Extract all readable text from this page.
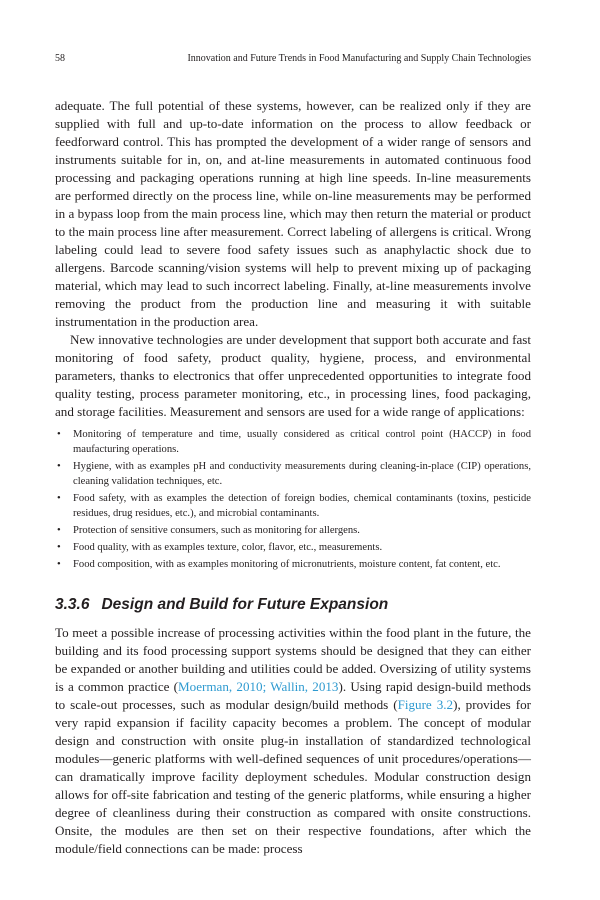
58	Innovation and Future Trends in Food Manufacturing and Supply Chain Technologies

adequate. The full potential of these systems, however, can be realized only if they are supplied with full and up-to-date information on the process to allow feedback or feedforward control. This has prompted the development of a wider range of sensors and instruments suitable for in, on, and at-line measurements in automated continuous food processing and packaging operations running at high line speeds. In-line measurements are performed directly on the process line, while on-line measurements may be performed in a bypass loop from the main process line, which may then return the material or product to the main process line after measurement. Correct labeling of allergens is critical. Wrong labeling could lead to severe food safety issues such as anaphylactic shock due to allergens. Barcode scanning/vision systems will help to prevent mixing up of packaging material, which may lead to such incorrect labeling. Finally, at-line measurements involve removing the product from the production line and measuring it with suitable instrumentation in the production area.

New innovative technologies are under development that support both accurate and fast monitoring of food safety, product quality, hygiene, process, and environmental parameters, thanks to electronics that offer unprecedented opportunities to integrate food quality testing, process parameter monitoring, etc., in processing lines, food packaging, and storage facilities. Measurement and sensors are used for a wide range of applications:

• Monitoring of temperature and time, usually considered as critical control point (HACCP) in food maufacturing operations.
• Hygiene, with as examples pH and conductivity measurements during cleaning-in-place (CIP) operations, cleaning validation techniques, etc.
• Food safety, with as examples the detection of foreign bodies, chemical contaminants (toxins, pesticide residues, drug residues, etc.), and microbial contaminants.
• Protection of sensitive consumers, such as monitoring for allergens.
• Food quality, with as examples texture, color, flavor, etc., measurements.
• Food composition, with as examples monitoring of micronutrients, moisture content, fat content, etc.
3.3.6 Design and Build for Future Expansion

To meet a possible increase of processing activities within the food plant in the future, the building and its food processing support systems should be designed that they can either be expanded or another building and utilities could be added. Oversizing of utility systems is a common practice (Moerman, 2010; Wallin, 2013). Using rapid design-build methods to scale-out processes, such as modular design/build methods (Figure 3.2), provides for very rapid expansion if facility capacity becomes a problem. The concept of modular design and construction with onsite plug-in installation of standardized technological modules—generic platforms with well-defined sequences of unit procedures/operations—can dramatically improve facility deployment schedules. Modular construction design allows for off-site fabrication and testing of the generic platforms, while ensuring a higher degree of cleanliness during their construction as compared with onsite constructions. Onsite, the modules are then set on their respective foundations, after which the module/field connections can be made: process
